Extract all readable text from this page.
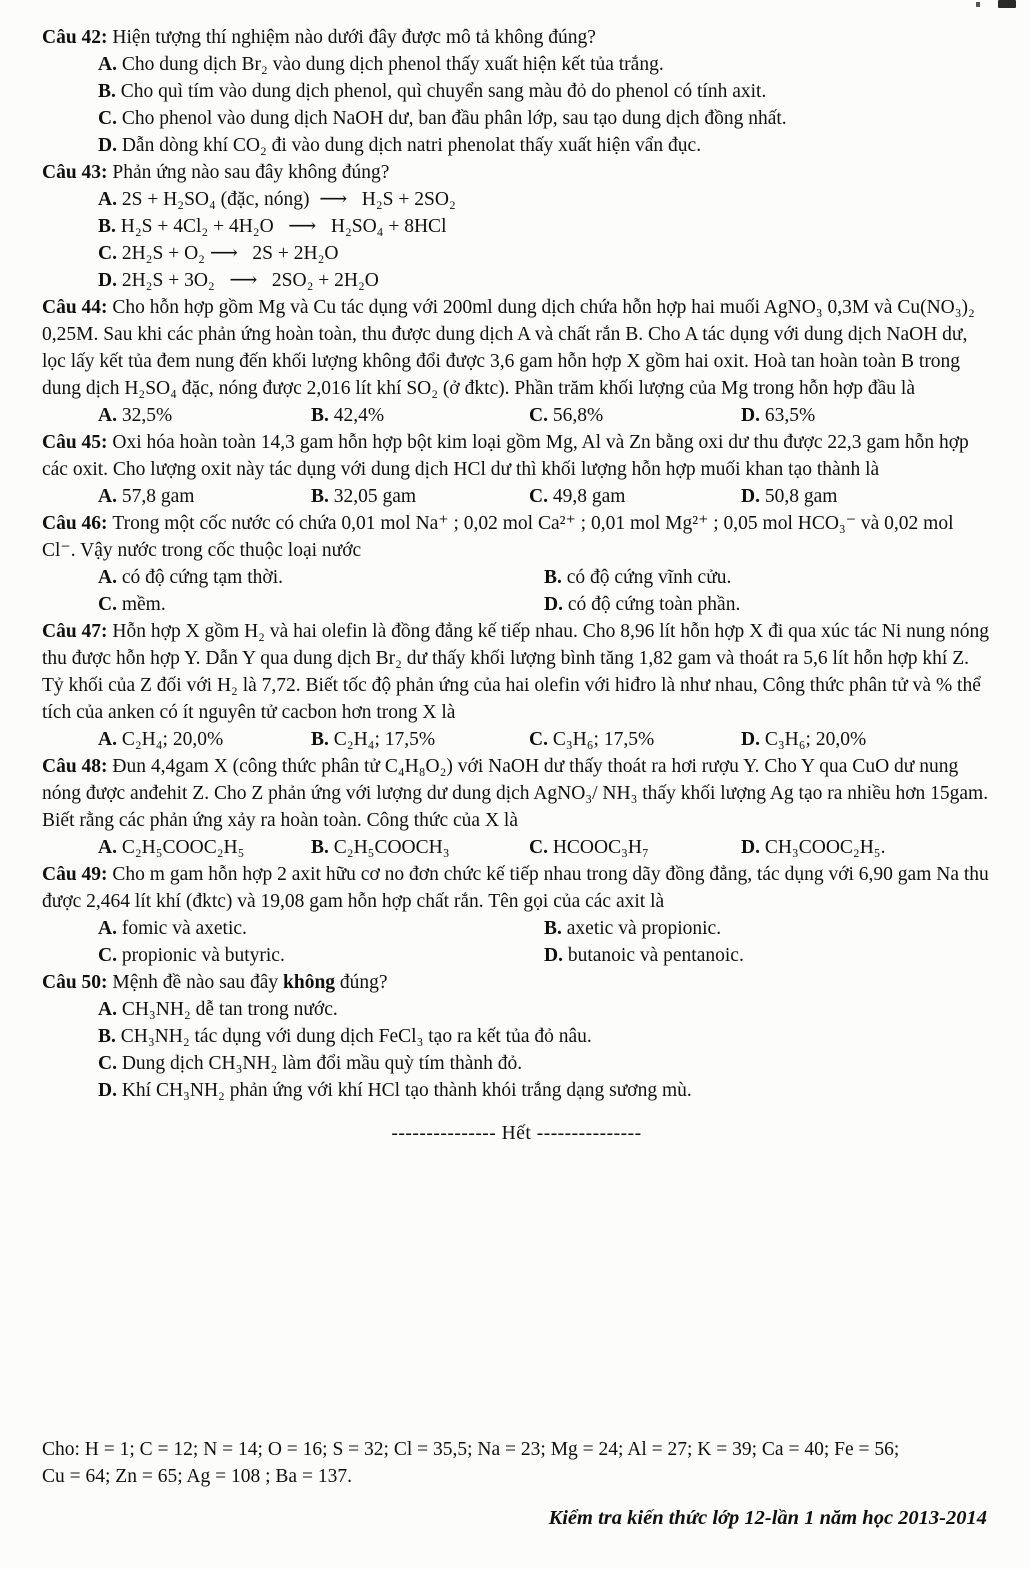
Câu 42: Hiện tượng thí nghiệm nào dưới đây được mô tả không đúng?

A. Cho dung dịch Br₂ vào dung dịch phenol thấy xuất hiện kết tủa trắng.
B. Cho quì tím vào dung dịch phenol, quì chuyển sang màu đỏ do phenol có tính axit.
C. Cho phenol vào dung dịch NaOH dư, ban đầu phân lớp, sau tạo dung dịch đồng nhất.
D. Dẫn dòng khí CO₂ đi vào dung dịch natri phenolat thấy xuất hiện vẩn đục.

Câu 43: Phản ứng nào sau đây không đúng?

A. 2S + H₂SO₄ (đặc, nóng) ⟶  H₂S + 2SO₂
B. H₂S + 4Cl₂ + 4H₂O  ⟶  H₂SO₄ + 8HCl
C. 2H₂S + O₂ ⟶  2S + 2H₂O
D. 2H₂S + 3O₂  ⟶  2SO₂ + 2H₂O

Câu 44: Cho hỗn hợp gồm Mg và Cu tác dụng với 200ml dung dịch chứa hỗn hợp hai muối AgNO₃ 0,3M và Cu(NO₃)₂ 0,25M. Sau khi các phản ứng hoàn toàn, thu được dung dịch A và chất rắn B. Cho A tác dụng với dung dịch NaOH dư, lọc lấy kết tủa đem nung đến khối lượng không đổi được 3,6 gam hỗn hợp X gồm hai oxit. Hoà tan hoàn toàn B trong dung dịch H₂SO₄ đặc, nóng được 2,016 lít khí SO₂ (ở đktc). Phần trăm khối lượng của Mg trong hỗn hợp đầu là

A. 32,5%	B. 42,4%	C. 56,8%	D. 63,5%

Câu 45: Oxi hóa hoàn toàn 14,3 gam hỗn hợp bột kim loại gồm Mg, Al và Zn bằng oxi dư thu được 22,3 gam hỗn hợp các oxit. Cho lượng oxit này tác dụng với dung dịch HCl dư thì khối lượng hỗn hợp muối khan tạo thành là

A. 57,8 gam	B. 32,05 gam	C. 49,8 gam	D. 50,8 gam

Câu 46: Trong một cốc nước có chứa 0,01 mol Na⁺ ; 0,02 mol Ca²⁺ ; 0,01 mol Mg²⁺ ; 0,05 mol HCO₃⁻ và 0,02 mol Cl⁻. Vậy nước trong cốc thuộc loại nước

A. có độ cứng tạm thời.	B. có độ cứng vĩnh cửu.
C. mềm.	D. có độ cứng toàn phần.

Câu 47: Hỗn hợp X gồm H₂ và hai olefin là đồng đẳng kế tiếp nhau. Cho 8,96 lít hỗn hợp X đi qua xúc tác Ni nung nóng thu được hỗn hợp Y. Dẫn Y qua dung dịch Br₂ dư thấy khối lượng bình tăng 1,82 gam và thoát ra 5,6 lít hỗn hợp khí Z. Tỷ khối của Z đối với H₂ là 7,72. Biết tốc độ phản ứng của hai olefin với hiđro là như nhau, Công thức phân tử và % thể tích của anken có ít nguyên tử cacbon hơn trong X là

A. C₂H₄; 20,0%	B. C₂H₄; 17,5%	C. C₃H₆; 17,5%	D. C₃H₆; 20,0%

Câu 48: Đun 4,4gam X (công thức phân tử C₄H₈O₂) với NaOH dư thấy thoát ra hơi rượu Y. Cho Y qua CuO dư nung nóng được anđehit Z. Cho Z phản ứng với lượng dư dung dịch AgNO₃/ NH₃ thấy khối lượng Ag tạo ra nhiều hơn 15gam. Biết rằng các phản ứng xảy ra hoàn toàn. Công thức của X là

A. C₂H₅COOC₂H₅	B. C₂H₅COOCH₃	C. HCOOC₃H₇	D. CH₃COOC₂H₅.

Câu 49: Cho m gam hỗn hợp 2 axit hữu cơ no đơn chức kế tiếp nhau trong dãy đồng đẳng, tác dụng với 6,90 gam Na thu được 2,464 lít khí (đktc) và 19,08 gam hỗn hợp chất rắn. Tên gọi của các axit là

A. fomic và axetic.	B. axetic và propionic.
C. propionic và butyric.	D. butanoic và pentanoic.

Câu 50: Mệnh đề nào sau đây không đúng?

A. CH₃NH₂ dễ tan trong nước.
B. CH₃NH₂ tác dụng với dung dịch FeCl₃ tạo ra kết tủa đỏ nâu.
C. Dung dịch CH₃NH₂ làm đổi mầu quỳ tím thành đỏ.
D. Khí CH₃NH₂ phản ứng với khí HCl tạo thành khói trắng dạng sương mù.

--------------- Hết ---------------

Cho: H = 1; C = 12; N = 14; O = 16; S = 32; Cl = 35,5; Na = 23; Mg = 24; Al = 27; K = 39; Ca = 40; Fe = 56;
Cu = 64; Zn = 65; Ag = 108 ; Ba = 137.
Kiểm tra kiến thức lớp 12-lần 1 năm học 2013-2014
